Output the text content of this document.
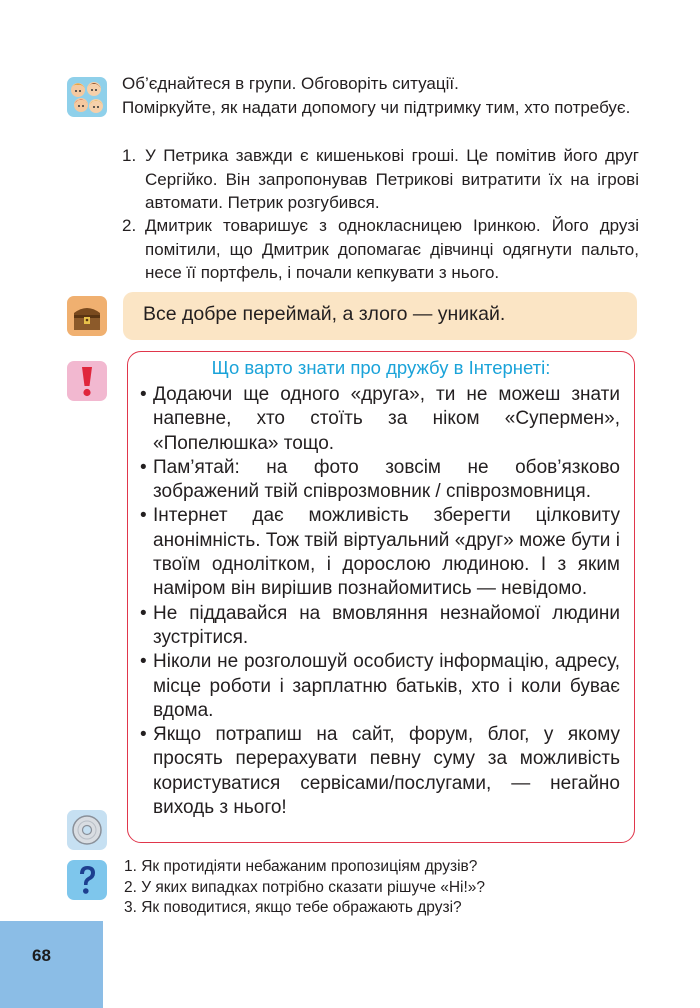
Об’єднайтеся в групи. Обговоріть ситуації.

Поміркуйте, як надати допомогу чи підтримку тим, хто потребує.

1. У Петрика завжди є кишенькові гроші. Це помітив його друг Сергійко. Він запропонував Петрикові витратити їх на ігрові автомати. Петрик розгубився.
2. Дмитрик товаришує з однокласницею Іринкою. Його друзі помітили, що Дмитрик допомагає дівчинці одягнути пальто, несе її портфель, і почали кепкувати з нього.
Все добре переймай, а злого — уникай.
Що варто знати про дружбу в Інтернеті:

• Додаючи ще одного «друга», ти не можеш знати напевне, хто стоїть за ніком «Супермен», «Попелюшка» тощо.

• Пам’ятай: на фото зовсім не обов’язково зображений твій співрозмовник / співрозмовниця.

• Інтернет дає можливість зберегти цілковиту анонімність. Тож твій віртуальний «друг» може бути і твоїм однолітком, і дорослою людиною. І з яким наміром він вирішив познайомитись — невідомо.

• Не піддавайся на вмовляння незнайомої людини зустрітися.

• Ніколи не розголошуй особисту інформацію, адресу, місце роботи і зарплатню батьків, хто і коли буває вдома.

• Якщо потрапиш на сайт, форум, блог, у якому просять перерахувати певну суму за можливість користуватися сервісами/послугами, — негайно виходь з нього!

1. Як протидіяти небажаним пропозиціям друзів?
2. У яких випадках потрібно сказати рішуче «Ні!»?
3. Як поводитися, якщо тебе ображають друзі?
68
